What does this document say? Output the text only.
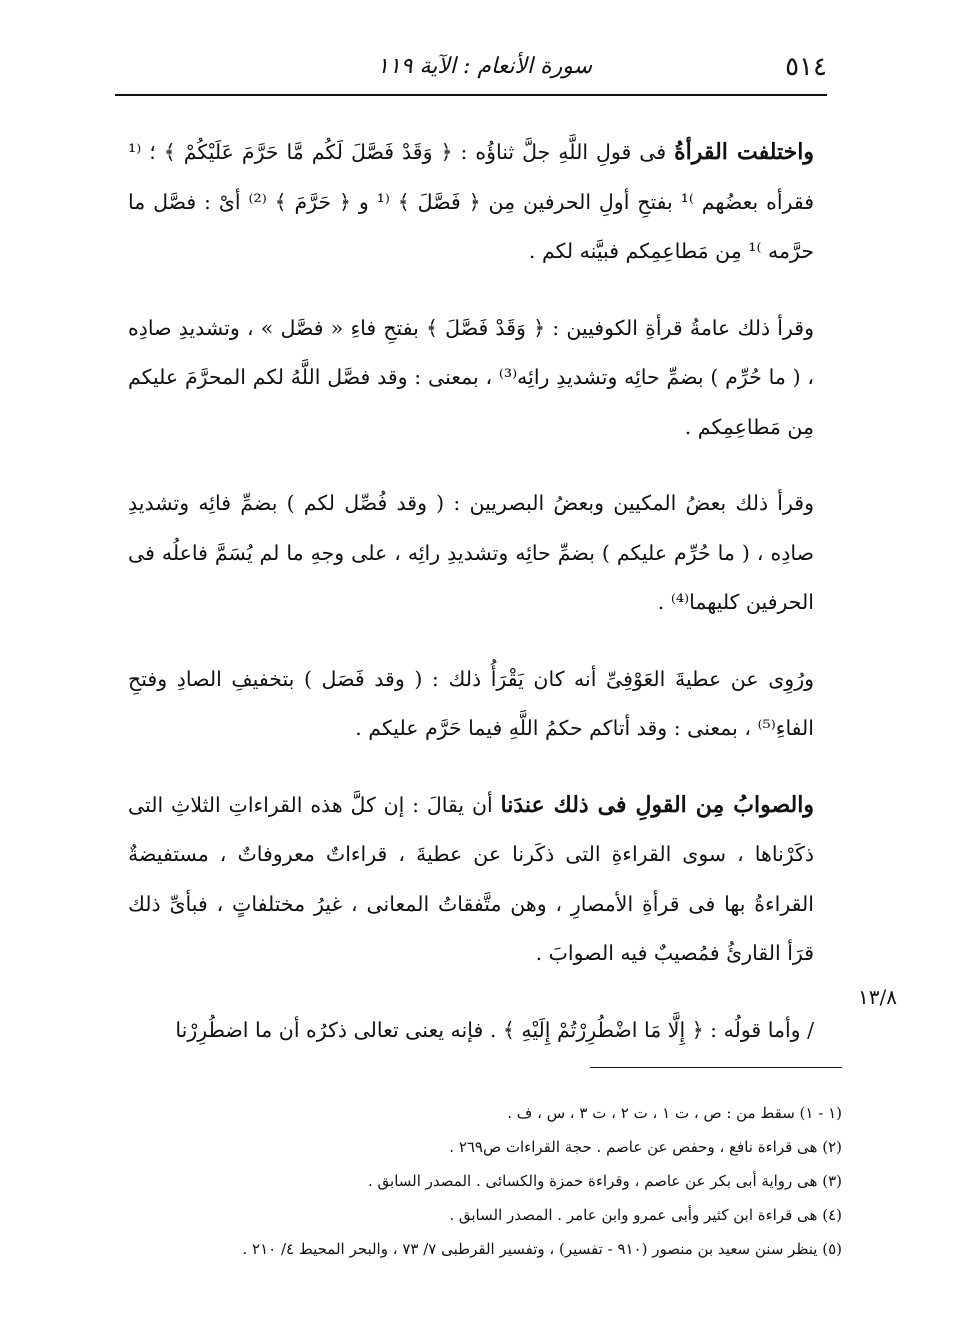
٥١٤
سورة الأنعام : الآية ١١٩

واختلفت القرأةُ فى قولِ اللَّهِ جلَّ ثناؤُه : ﴿ وَقَدْ فَصَّلَ لَكُم مَّا حَرَّمَ عَلَيْكُمْ ﴾ ؛ ⁽¹ فقرأه بعضُهم ⁾¹ بفتحِ أولِ الحرفين مِن ﴿ فَصَّلَ ﴾ ⁽¹ و ﴿ حَرَّمَ ﴾ ⁽²⁾ أىْ : فصَّل ما حرَّمه ⁾¹ مِن مَطاعِمِكم فبيَّنه لكم .

وقرأ ذلك عامةُ قرأةِ الكوفيين : ﴿ وَقَدْ فَصَّلَ ﴾ بفتحِ فاءِ « فصَّل » ، وتشديدِ صادِه ، ( ما حُرِّم ) بضمِّ حائِه وتشديدِ رائِه⁽³⁾ ، بمعنى : وقد فصَّل اللَّهُ لكم المحرَّمَ عليكم مِن مَطاعِمِكم .

وقرأ ذلك بعضُ المكيين وبعضُ البصريين : ( وقد فُصِّل لكم ) بضمِّ فائِه وتشديدِ صادِه ، ( ما حُرِّم عليكم ) بضمِّ حائِه وتشديدِ رائِه ، على وجهِ ما لم يُسَمَّ فاعلُه فى الحرفين كليهما⁽⁴⁾ .

ورُوِى عن عطيةَ العَوْفِىِّ أنه كان يَقْرَأُ ذلك : ( وقد فَصَل ) بتخفيفِ الصادِ وفتحِ الفاءِ⁽⁵⁾ ، بمعنى : وقد أتاكم حكمُ اللَّهِ فيما حَرَّم عليكم .

والصوابُ مِن القولِ فى ذلك عندَنا أن يقالَ : إن كلَّ هذه القراءاتِ الثلاثِ التى ذكَرْناها ، سوى القراءةِ التى ذكَرنا عن عطيةَ ، قراءاتٌ معروفاتٌ ، مستفيضةٌ القراءةُ بها فى قرأةِ الأمصارِ ، وهن متَّفقاتُ المعانى ، غيرُ مختلفاتٍ ، فبأىِّ ذلك قرَأ القارئُ فمُصيبٌ فيه الصوابَ .

/ وأما قولُه : ﴿ إِلَّا مَا اضْطُرِرْتُمْ إِلَيْهِ ﴾ . فإنه يعنى تعالى ذكرُه أن ما اضطُرِرْنا

١٣/٨
(١ - ١) سقط من : ص ، ت ١ ، ت ٢ ، ت ٣ ، س ، ف .
(٢) هى قراءة نافع ، وحفص عن عاصم . حجة القراءات ص٢٦٩ .
(٣) هى رواية أبى بكر عن عاصم ، وقراءة حمزة والكسائى . المصدر السابق .
(٤) هى قراءة ابن كثير وأبى عمرو وابن عامر . المصدر السابق .
(٥) ينظر سنن سعيد بن منصور (٩١٠ - تفسير) ، وتفسير القرطبى ٧/ ٧٣ ، والبحر المحيط ٤/ ٢١٠ .
